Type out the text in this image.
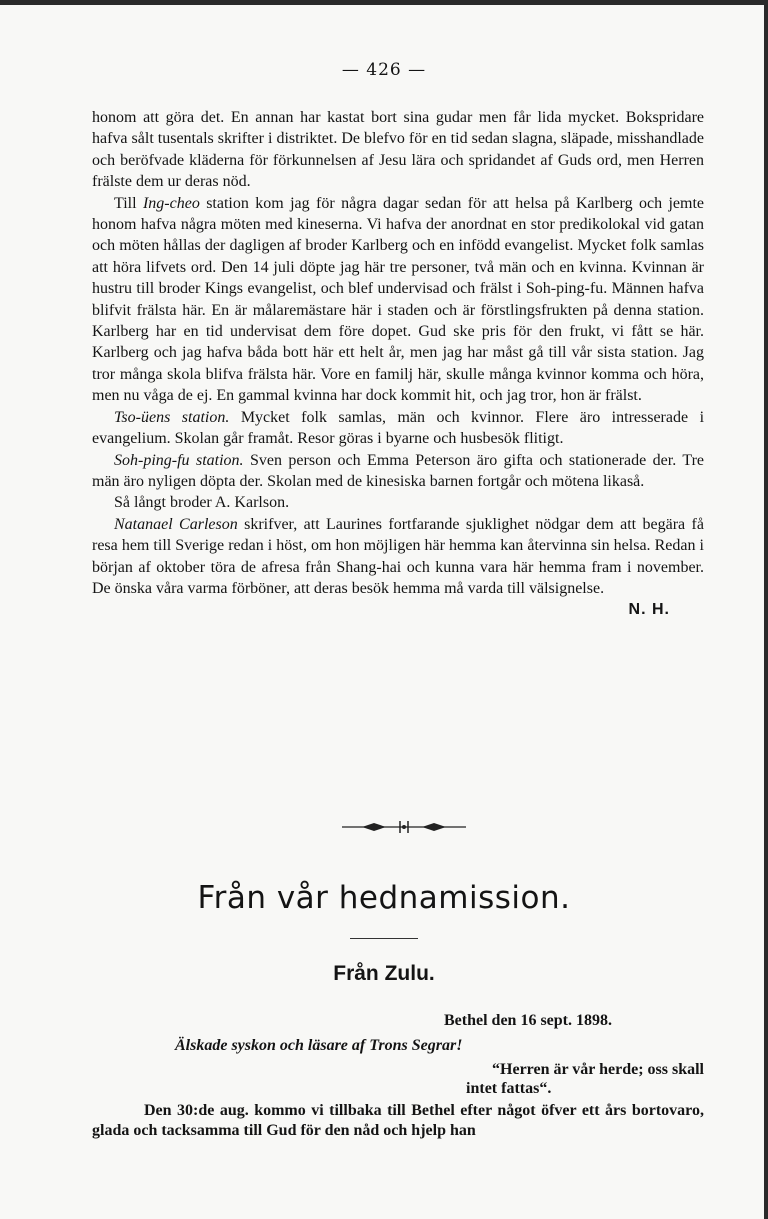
— 426 —

honom att göra det. En annan har kastat bort sina gudar men får lida mycket. Bokspridare hafva sålt tusentals skrifter i distriktet. De blefvo för en tid sedan slagna, släpade, misshandlade och beröfvade kläderna för förkunnelsen af Jesu lära och spridandet af Guds ord, men Herren frälste dem ur deras nöd.

Till Ing-cheo station kom jag för några dagar sedan för att helsa på Karlberg och jemte honom hafva några möten med kineserna. Vi hafva der anordnat en stor predikolokal vid gatan och möten hållas der dagligen af broder Karlberg och en infödd evangelist. Mycket folk samlas att höra lifvets ord. Den 14 juli döpte jag här tre personer, två män och en kvinna. Kvinnan är hustru till broder Kings evangelist, och blef undervisad och frälst i Soh-ping-fu. Männen hafva blifvit frälsta här. En är målaremästare här i staden och är förstlingsfrukten på denna station. Karlberg har en tid undervisat dem före dopet. Gud ske pris för den frukt, vi fått se här. Karlberg och jag hafva båda bott här ett helt år, men jag har måst gå till vår sista station. Jag tror många skola blifva frälsta här. Vore en familj här, skulle många kvinnor komma och höra, men nu våga de ej. En gammal kvinna har dock kommit hit, och jag tror, hon är frälst.

Tso-üens station. Mycket folk samlas, män och kvinnor. Flere äro intresserade i evangelium. Skolan går framåt. Resor göras i byarne och husbesök flitigt.

Soh-ping-fu station. Sven person och Emma Peterson äro gifta och stationerade der. Tre män äro nyligen döpta der. Skolan med de kinesiska barnen fortgår och mötena likaså.

Så långt broder A. Karlson.

Natanael Carleson skrifver, att Laurines fortfarande sjuklighet nödgar dem att begära få resa hem till Sverige redan i höst, om hon möjligen här hemma kan återvinna sin helsa. Redan i början af oktober töra de afresa från Shang-hai och kunna vara här hemma fram i november. De önska våra varma förböner, att deras besök hemma må varda till välsignelse.

N. H.
Från vår hednamission.
Från Zulu.
Bethel den 16 sept. 1898.
Älskade syskon och läsare af Trons Segrar!
“Herren är vår herde; oss skall
intet fattas“.

Den 30:de aug. kommo vi tillbaka till Bethel efter något öfver ett års bortovaro, glada och tacksamma till Gud för den nåd och hjelp han
